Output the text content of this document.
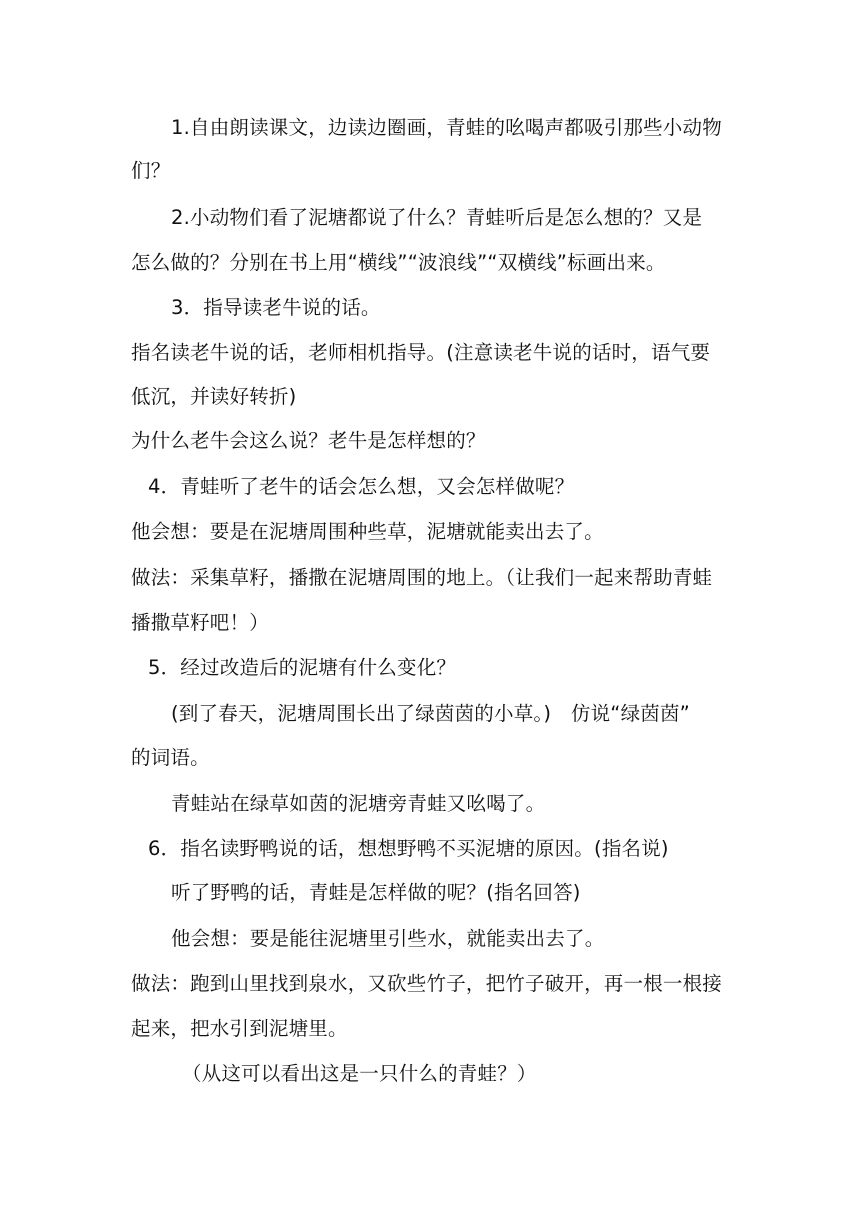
1.自由朗读课文，边读边圈画，青蛙的吆喝声都吸引那些小动物
们？
2.小动物们看了泥塘都说了什么？青蛙听后是怎么想的？又是
怎么做的？分别在书上用“横线”“波浪线”“双横线”标画出来。
3．指导读老牛说的话。
指名读老牛说的话，老师相机指导。(注意读老牛说的话时，语气要
低沉，并读好转折)
为什么老牛会这么说？老牛是怎样想的？
4．青蛙听了老牛的话会怎么想，又会怎样做呢？
他会想：要是在泥塘周围种些草，泥塘就能卖出去了。
做法：采集草籽，播撒在泥塘周围的地上。（让我们一起来帮助青蛙
播撒草籽吧！）
5．经过改造后的泥塘有什么变化？
(到了春天，泥塘周围长出了绿茵茵的小草。)　仿说“绿茵茵”
的词语。
青蛙站在绿草如茵的泥塘旁青蛙又吆喝了。
6．指名读野鸭说的话，想想野鸭不买泥塘的原因。(指名说)
听了野鸭的话，青蛙是怎样做的呢？(指名回答)
他会想：要是能往泥塘里引些水，就能卖出去了。
做法：跑到山里找到泉水，又砍些竹子，把竹子破开，再一根一根接
起来，把水引到泥塘里。
（从这可以看出这是一只什么的青蛙？）
